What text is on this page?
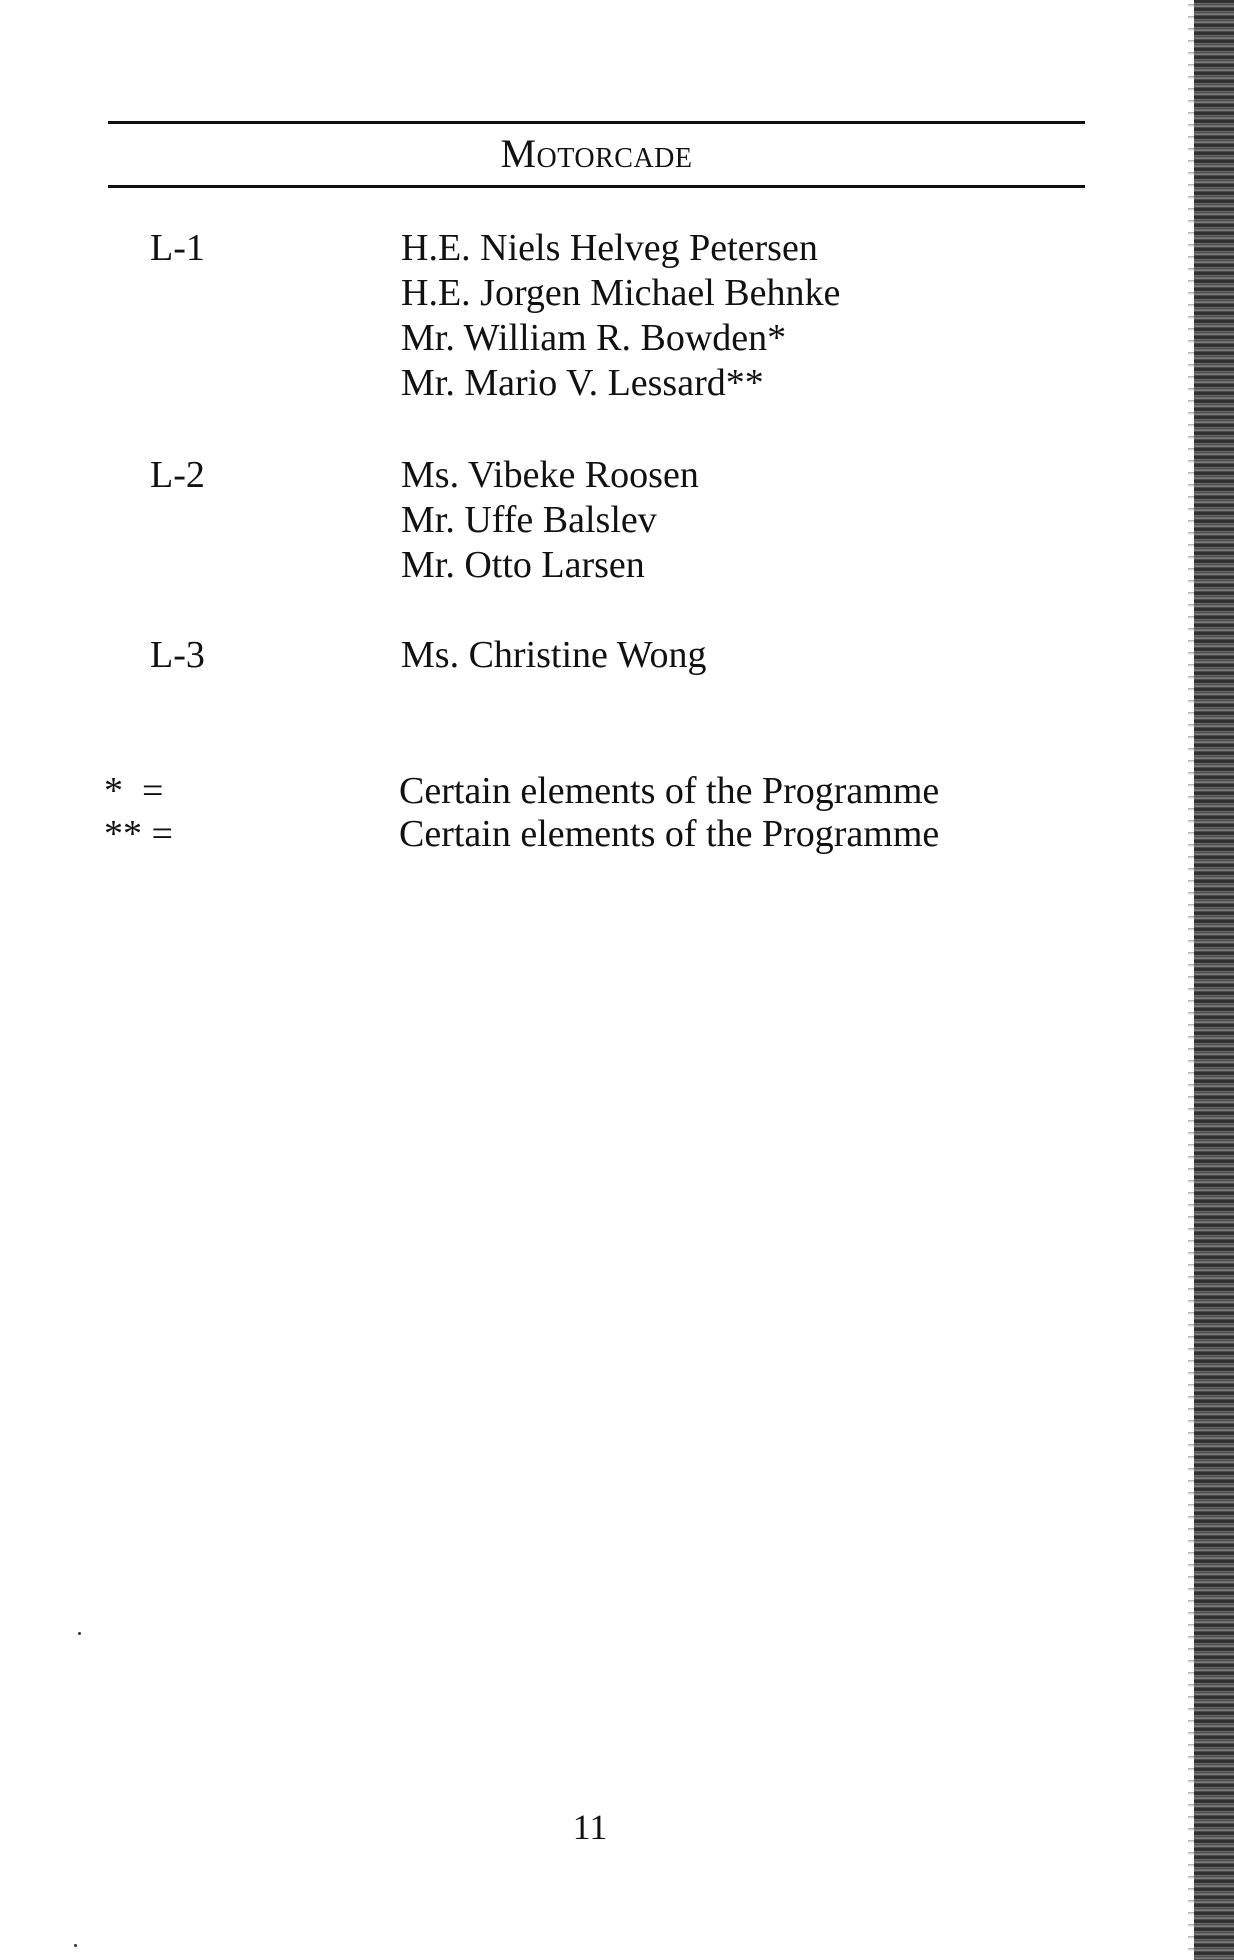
Motorcade
L-1	H.E. Niels Helveg Petersen
H.E. Jorgen Michael Behnke
Mr. William R. Bowden*
Mr. Mario V. Lessard**
L-2	Ms. Vibeke Roosen
Mr. Uffe Balslev
Mr. Otto Larsen
L-3	Ms. Christine Wong
*  =	Certain elements of the Programme
** =	Certain elements of the Programme
11
